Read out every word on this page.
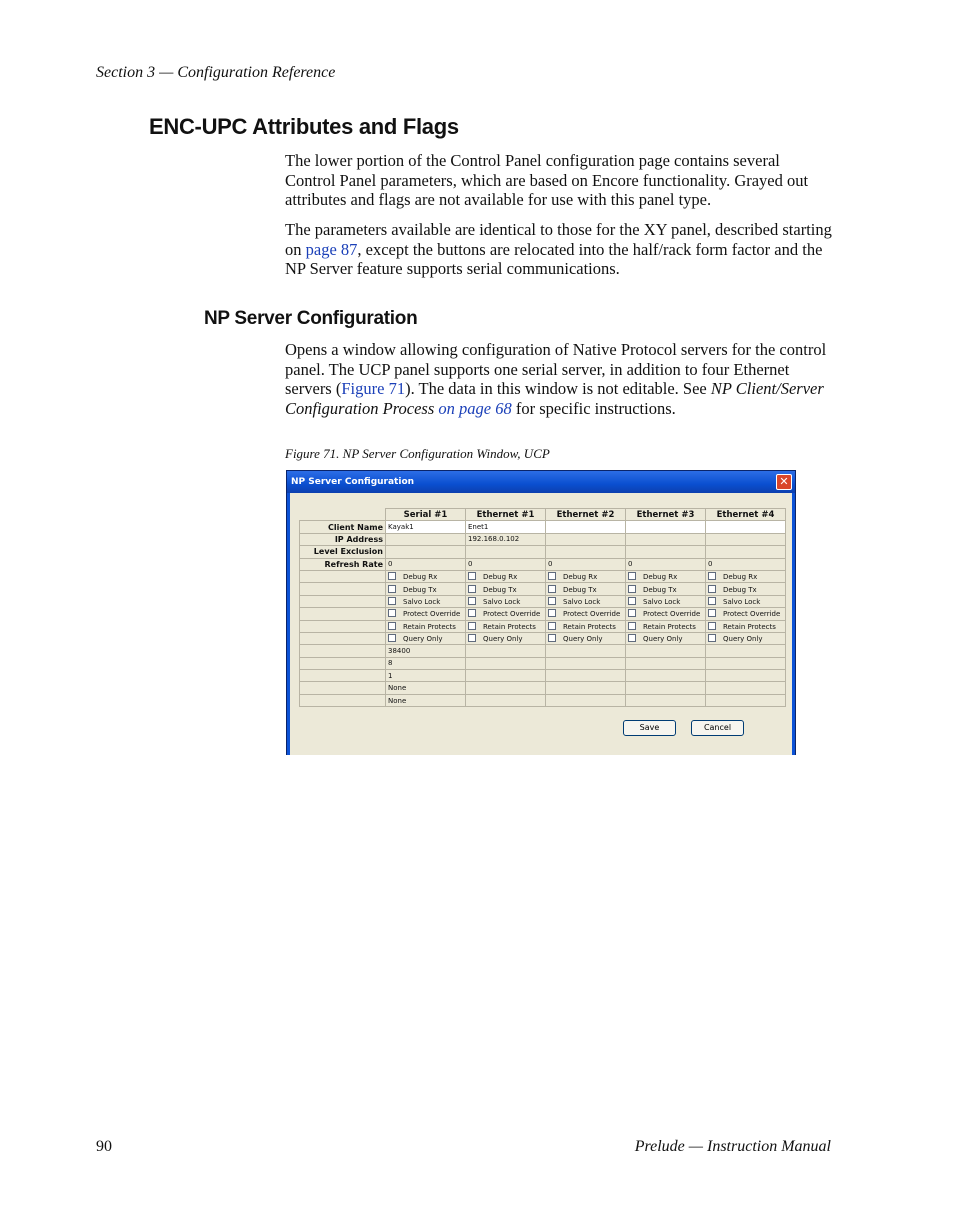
Section 3 — Configuration Reference
ENC-UPC Attributes and Flags

The lower portion of the Control Panel configuration page contains several Control Panel parameters, which are based on Encore functionality. Grayed out attributes and flags are not available for use with this panel type.

The parameters available are identical to those for the XY panel, described starting on page 87, except the buttons are relocated into the half/rack form factor and the NP Server feature supports serial communications.

NP Server Configuration

Opens a window allowing configuration of Native Protocol servers for the control panel. The UCP panel supports one serial server, in addition to four Ethernet servers (Figure 71). The data in this window is not editable. See NP Client/Server Configuration Process on page 68 for specific instructions.

Figure 71. NP Server Configuration Window, UCP
NP Server Configuration	✕
	Serial #1	Ethernet #1	Ethernet #2	Ethernet #3	Ethernet #4
Client Name	Kayak1	Enet1			
IP Address		192.168.0.102			
Level Exclusion					
Refresh Rate	0	0	0	0	0
	Debug Rx	Debug Rx	Debug Rx	Debug Rx	Debug Rx
	Debug Tx	Debug Tx	Debug Tx	Debug Tx	Debug Tx
	Salvo Lock	Salvo Lock	Salvo Lock	Salvo Lock	Salvo Lock
	Protect Override	Protect Override	Protect Override	Protect Override	Protect Override
	Retain Protects	Retain Protects	Retain Protects	Retain Protects	Retain Protects
	Query Only	Query Only	Query Only	Query Only	Query Only
	38400				
	8				
	1				
	None				
	None				
Save	Cancel
90	Prelude — Instruction Manual
